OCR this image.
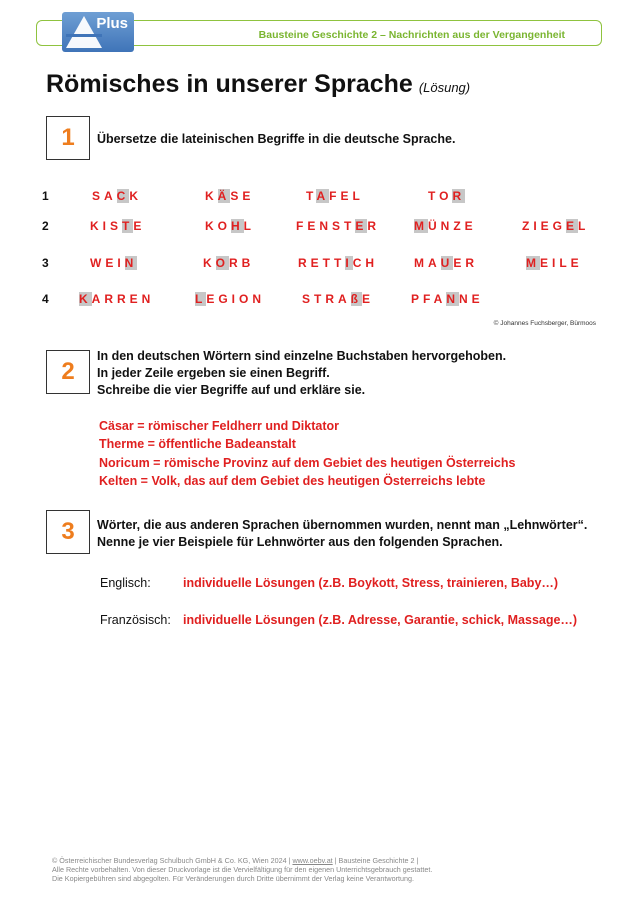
Bausteine Geschichte 2 – Nachrichten aus der Vergangenheit
Plus
Römisches in unserer Sprache (Lösung)
1	Übersetze die lateinischen Begriffe in die deutsche Sprache.
1	SACK	KÄSE	TAFEL	TOR
2	KISTE	KOHL	FENSTER	MÜNZE	ZIEGEL
3	WEIN	KORB	RETTICH	MAUER	MEILE
4	KARREN	LEGION	STRAßE	PFANNE
© Johannes Fuchsberger, Bürmoos
2
In den deutschen Wörtern sind einzelne Buchstaben hervorgehoben.
In jeder Zeile ergeben sie einen Begriff.
Schreibe die vier Begriffe auf und erkläre sie.
Cäsar = römischer Feldherr und Diktator
Therme = öffentliche Badeanstalt
Noricum = römische Provinz auf dem Gebiet des heutigen Österreichs
Kelten = Volk, das auf dem Gebiet des heutigen Österreichs lebte
3	Wörter, die aus anderen Sprachen übernommen wurden, nennt man „Lehnwörter“.
Nenne je vier Beispiele für Lehnwörter aus den folgenden Sprachen.
Englisch:	individuelle Lösungen (z.B. Boykott, Stress, trainieren, Baby…)
Französisch: individuelle Lösungen (z.B. Adresse, Garantie, schick, Massage…)
© Österreichischer Bundesverlag Schulbuch GmbH & Co. KG, Wien 2024 | www.oebv.at | Bausteine Geschichte 2 |
Alle Rechte vorbehalten. Von dieser Druckvorlage ist die Vervielfältigung für den eigenen Unterrichtsgebrauch gestattet.
Die Kopiergebühren sind abgegolten. Für Veränderungen durch Dritte übernimmt der Verlag keine Verantwortung.
